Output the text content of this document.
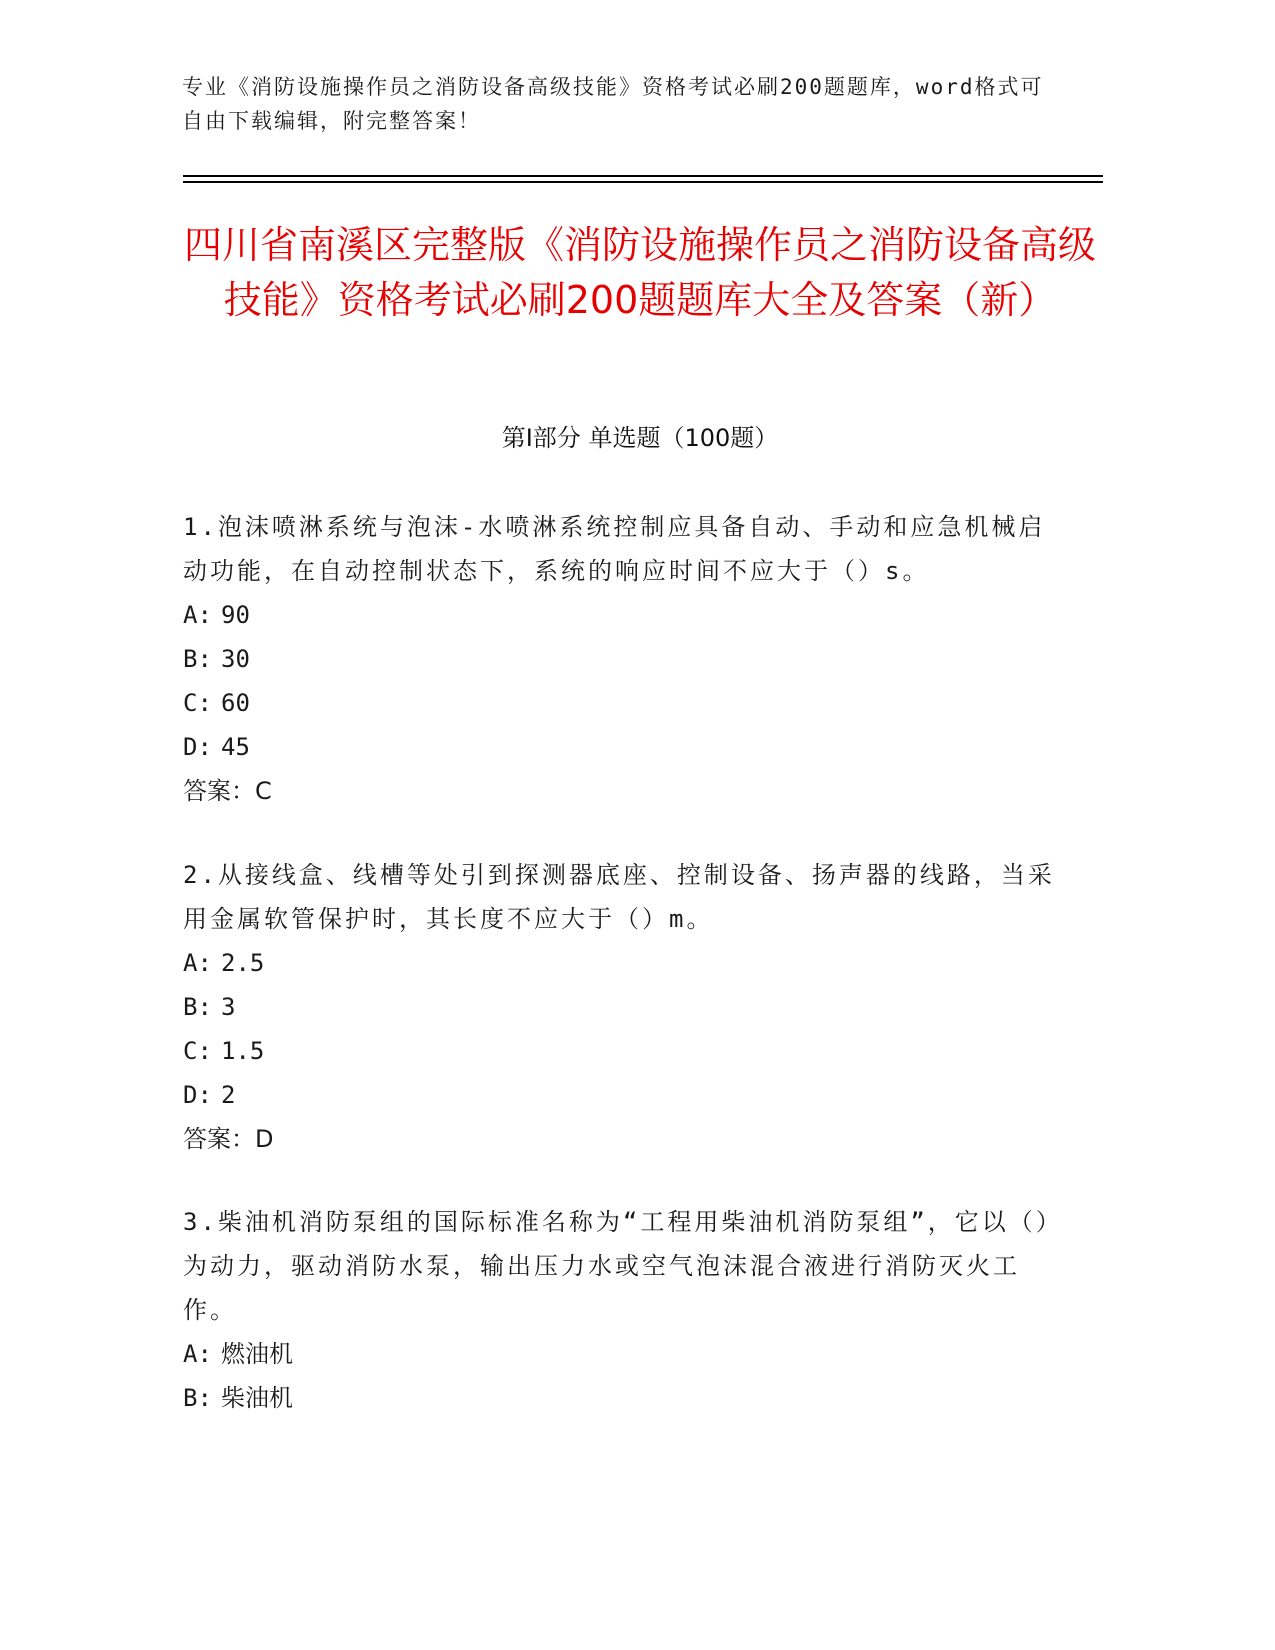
专业《消防设施操作员之消防设备高级技能》资格考试必刷200题题库，word格式可自由下载编辑，附完整答案！
四川省南溪区完整版《消防设施操作员之消防设备高级技能》资格考试必刷200题题库大全及答案（新）
第I部分 单选题（100题）
1.泡沫喷淋系统与泡沫-水喷淋系统控制应具备自动、手动和应急机械启动功能，在自动控制状态下，系统的响应时间不应大于（）s。
A: 90
B: 30
C: 60
D: 45
答案：C
2.从接线盒、线槽等处引到探测器底座、控制设备、扬声器的线路，当采用金属软管保护时，其长度不应大于（）m。
A: 2.5
B: 3
C: 1.5
D: 2
答案：D
3.柴油机消防泵组的国际标准名称为“工程用柴油机消防泵组”，它以（）为动力，驱动消防水泵，输出压力水或空气泡沫混合液进行消防灭火工作。
A: 燃油机
B: 柴油机
